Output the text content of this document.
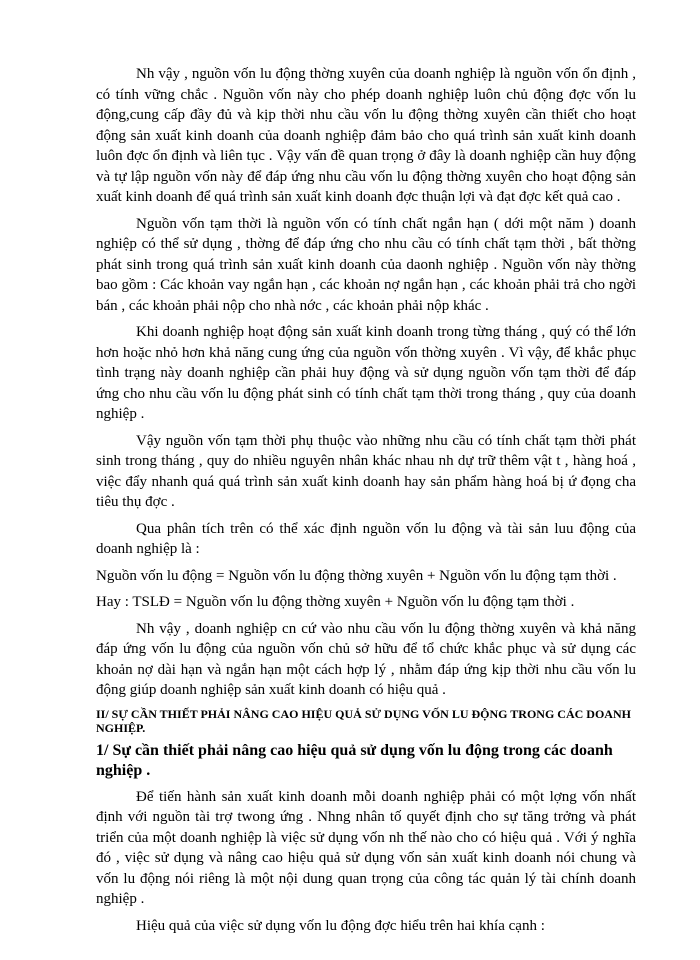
Nh vậy , nguồn vốn lu động thờng xuyên của doanh nghiệp là nguồn vốn ổn định , có tính vững chắc . Nguồn vốn này cho phép doanh nghiệp luôn chủ động đợc vốn lu động,cung cấp đầy đủ và kịp thời nhu cầu vốn lu động thờng xuyên cần thiết cho hoạt động sản xuất kinh doanh của doanh nghiệp đảm bảo cho quá trình sản xuất kinh doanh luôn đợc ổn định và liên tục . Vậy vấn đề quan trọng ở đây là doanh nghiệp cần huy động và tự lập nguồn vốn này để đáp ứng nhu cầu vốn lu động thờng xuyên cho hoạt động sản xuất kinh doanh để quá trình sản xuất kinh doanh đợc thuận lợi và đạt đợc kết quả cao .

Nguồn vốn tạm thời là nguồn vốn có tính chất ngắn hạn ( dới một năm ) doanh nghiệp có thể sử dụng , thờng để đáp ứng cho nhu cầu có tính chất tạm thời , bất thờng phát sinh trong quá trình sản xuất kinh doanh của daonh nghiệp . Nguồn vốn này thờng bao gồm : Các khoản vay ngắn hạn , các khoản nợ ngắn hạn , các khoản phải trả cho ngời bán , các khoản phải nộp cho nhà nớc , các khoản phải nộp khác .

Khi doanh nghiệp hoạt động sản xuất kinh doanh trong từng tháng , quý có thể lớn hơn hoặc nhỏ hơn khả năng cung ứng của nguồn vốn thờng xuyên . Vì vậy, để khắc phục tình trạng này doanh nghiệp cần phải huy động và sử dụng nguồn vốn tạm thời để đáp ứng cho nhu cầu vốn lu động phát sinh có tính chất tạm thời trong tháng , quy của doanh nghiệp .

Vậy nguồn vốn tạm thời phụ thuộc vào những nhu cầu có tính chất tạm thời phát sinh trong tháng , quy do nhiều nguyên nhân khác nhau nh dự trữ thêm vật t , hàng hoá , việc đẩy nhanh quá quá trình sản xuất kinh doanh hay sản phẩm hàng hoá bị ứ đọng cha tiêu thụ đợc .

Qua phân tích trên có thể xác định nguồn vốn lu động và tài sản luu động của doanh nghiệp là :

Nguồn vốn lu động = Nguồn vốn lu động thờng xuyên + Nguồn vốn lu động tạm thời .

Hay : TSLĐ = Nguồn vốn lu động thờng xuyên + Nguồn vốn lu động tạm thời .

Nh vậy , doanh nghiệp cn cứ vào nhu cầu vốn lu động thờng xuyên và khả năng đáp ứng vốn lu động của nguồn vốn chủ sở hữu để tổ chức khắc phục và sử dụng các khoản nợ dài hạn và ngắn hạn một cách hợp lý , nhằm đáp ứng kịp thời nhu cầu vốn lu động giúp doanh nghiệp sản xuất kinh doanh có hiệu quả .

II/ SỰ CẦN THIẾT PHẢI NÂNG CAO HIỆU QUẢ SỬ DỤNG VỐN LU ĐỘNG TRONG CÁC DOANH NGHIỆP.

1/ Sự cần thiết phải nâng cao hiệu quả sử dụng vốn lu động trong các doanh nghiệp .

Để tiến hành sản xuất kinh doanh mỗi doanh nghiệp phải có một lợng vốn nhất định với nguồn tài trợ twong ứng . Nhng nhân tố quyết định cho sự tăng trởng và phát triển của một doanh nghiệp là việc sử dụng vốn nh thế nào cho có hiệu quả . Với ý nghĩa đó , việc sử dụng và nâng cao hiệu quả sử dụng vốn sản xuất kinh doanh nói chung và vốn lu động nói riêng là một nội dung quan trọng của công tác quản lý tài chính doanh nghiệp .

Hiệu quả của việc sử dụng vốn lu động đợc hiểu trên hai khía cạnh :
